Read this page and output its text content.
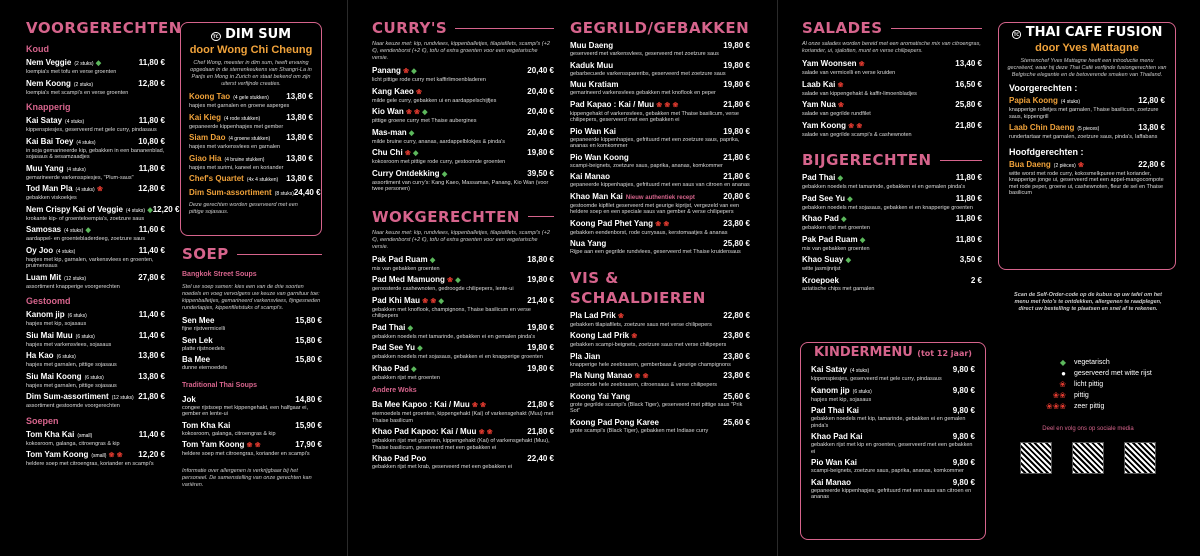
VOORGERECHTEN
Koud
Nem Veggie (2 stuks) ◆	11,80 €
loempia's met tofu en verse groenten
Nem Koong (2 stuks)	12,80 €
loempia's met scampi's en verse groenten
Knapperig
Kai Satay (4 stuks)	11,80 €
kippenspiesjes, geserveerd met gele curry, pindasaus
Kai Bai Toey (4 stuks)	10,80 €
in soja gemarineerde kip, gebakken in een bananenblad, sojasaus & sesamzaadjes
Muu Yang (4 stuks)	11,80 €
gemarineerde varkensspiesjes, "Plum-saus"
Tod Man Pla (4 stuks) ❀	12,80 €
gebakken viskoekjes
Nem Crispy Kai of Veggie (4 stuks) ◆ 12,20 €
krokante kip- of groenteloempia's, zoetzure saus
Samosas (4 stuks) ◆	11,60 €
aardappel- en groentebladerdeeg, zoetzure saus
Oy Joo (4 stuks)	11,40 €
hapjes met kip, garnalen, varkensvlees en groenten, pruimensaus
Luam Mit (12 stuks)	27,80 €
assortiment knapperige voorgerechten
Gestoomd
Kanom jip (6 stuks)	11,40 €
hapjes met kip, sojasaus
Siu Mai Muu (6 stuks)	11,40 €
hapjes met varkensvlees, sojasaus
Ha Kao (6 stuks)	13,80 €
hapjes met garnalen, pittige sojasaus
Siu Mai Koong (6 stuks)	13,80 €
hapjes met garnalen, pittige sojasaus
Dim Sum-assortiment (12 stuks) 21,80 €
assortiment gestoomde voorgerechten
Soepen
Tom Kha Kai (small)	11,40 €
kokosroom, galanga, citroengras & kip
Tom Yam Koong (small) ❀ ❀ 12,20 €
heldere soep met citroengras, koriander en scampi's
TC DIM SUM
door Wong Chi Cheung
Chef Wong, meester in dim sum, heeft ervaring opgedaan in de sterrenkeukens van Shangri-La in Parijs en Mong in Zurich en staat bekend om zijn uiterst verfijnde creaties.
Koong Tao (4 gele stukken) 13,80 €
hapjes met garnalen en groene asperges
Kai Kieg (4 rode stukken)	13,80 €
gepaneerde kippenhapjes met gember
Siam Dao (4 groene stukken) 13,80 €
hapjes met varkensvlees en garnalen
Giao Hia (4 bruine stukken)	13,80 €
hapjes met surimi, kaneel en koriander
Chef's Quartet (4x 4 stukken) 13,80 €
Dim Sum-assortiment (8 stuks) 24,40 €
Deze gerechten worden geserveerd met een pittige sojasaus.
SOEP
Bangkok Street Soups
Stel uw soep samen: kies een van de drie soorten noedels en voeg vervolgens uw keuze van garnituur toe: kippenballetjes, gemarineerd varkensvlees, fijngesneden runderlapjes, kippenfiletstuks of scampi's.
Sen Mee	15,80 €
fijne rijstvermicelli
Sen Lek	15,80 €
platte rijstnoedels
Ba Mee	15,80 €
dunne eiernoedels
Traditional Thai Soups
Jok	14,80 €
congee rijstsoep met kippengehakt, een halfgaar ei, gember en lente-ui
Tom Kha Kai	15,90 €
kokosroom, galanga, citroengras & kip
Tom Yam Koong ❀ ❀	17,90 €
heldere soep met citroengras, koriander en scampi's
Informatie over allergenen is verkrijgbaar bij het personeel. De samenstelling van onze gerechten kan variëren.
CURRY'S
Naar keuze met: kip, rundvlees, kippenballetjes, tilapiafilets, scampi's (+2 €), eendenborst (+2 €), tofu of extra groenten voor een vegetarische versie.
Panang ❀ ◆	20,40 €
licht pittige rode curry met kaffirlimoenbladeren
Kang Kaeo ❀	20,40 €
milde gele curry, gebakken ui en aardappelschijfjes
Kio Wan ❀ ❀ ◆	20,40 €
pittige groene curry met Thaise aubergines
Mas-man ◆	20,40 €
milde bruine curry, ananas, aardappelblokjes & pinda's
Chu Chi ❀ ◆	19,80 €
kokosroom met pittige rode curry, gestoomde groenten
Curry Ontdekking ◆	39,50 €
assortiment van curry's: Kang Kaeo, Massaman, Panang, Kio Wan (voor twee personen)
WOKGERECHTEN
Naar keuze met: kip, rundvlees, kippenballetjes, tilapiafilets, scampi's (+2 €), eendenborst (+2 €), tofu of extra groenten voor een vegetarische versie.
Pak Pad Ruam ◆	18,80 €
mix van gebakken groenten
Pad Med Mamuong ❀ ◆	19,80 €
geroosterde cashewnoten, gedroogde chilipepers, lente-ui
Pad Khi Mau ❀ ❀ ◆	21,40 €
gebakken met knoflook, champignons, Thaise basilicum en verse chilipepers
Pad Thai ◆	19,80 €
gebakken noedels met tamarinde, gebakken ei en gemalen pinda's
Pad See Yu ◆	19,80 €
gebakken noedels met sojasaus, gebakken ei en knapperige groenten
Khao Pad ◆	19,80 €
gebakken rijst met groenten
Andere Woks
Ba Mee Kapoo : Kai / Muu ❀ ❀	21,80 €
eiernoedels met groenten, kippengehakt (Kai) of varkensgehakt (Muu) met Thaise basilicum
Khao Pad Kapoo: Kai / Muu ❀ ❀	21,80 €
gebakken rijst met groenten, kippengehakt (Kai) of varkensgehakt (Muu), Thaise basilicum, geserveerd met een gebakken ei
Khao Pad Poo	22,40 €
gebakken rijst met krab, geserveerd met een gebakken ei
GEGRILD/GEBAKKEN
Muu Daeng	19,80 €
geserveerd met varkensvlees, geserveerd met zoetzure saus
Kaduk Muu	19,80 €
gebarbecuede varkensspareribs, geserveerd met zoetzure saus
Muu Kratiam	19,80 €
gemarineerd varkensvlees gebakken met knoflook en peper
Pad Kapao : Kai / Muu ❀ ❀ ❀	21,80 €
kippengehakt of varkensvlees, gebakken met Thaise basilicum, verse chilipepers, geserveerd met een gebakken ei
Pio Wan Kai	19,80 €
gepaneerde kippenhapjes, gefrituurd met een zoetzure saus, paprika, ananas en komkommer
Pio Wan Koong	21,80 €
scampi-beignets, zoetzure saus, paprika, ananas, komkommer
Kai Manao	21,80 €
gepaneerde kippenhapjes, gefrituurd met een saus van citroen en ananas
Khao Man Kai Nieuw authentiek recept	20,80 €
gestoomde kipfilet geserveerd met geurige kiprijst, vergezeld van een heldere soep en een speciale saus van gember & verse chilipepers
Koong Pad Phet Yang ❀ ❀	23,80 €
gebakken eendenborst, rode currysaus, kerstomaatjes & ananas
Nua Yang	25,80 €
Rijpe aan een gegrilde rundvlees, geserveerd met Thaise kruidensaus
VIS & SCHAALDIEREN
Pla Lad Prik ❀	22,80 €
gebakken tilapiafilets, zoetzure saus met verse chilipepers
Koong Lad Prik ❀	23,80 €
gebakken scampi-beignets, zoetzure saus met verse chilipepers
Pla Jian	23,80 €
knapperige hele zeebrasem, gemberbaas & geurige champignons
Pla Nung Manao ❀ ❀	23,80 €
gestoomde hele zeebrasem, citroensaus & verse chilipepers
Koong Yai Yang	25,60 €
grote gegrilde scampi's (Black Tiger), geserveerd met pittige saus "Prik Sot"
Koong Pad Pong Karee	25,60 €
grote scampi's (Black Tiger), gebakken met Indiase curry
SALADES
Al onze salades worden bereid met een aromatische mix van citroengras, koriander, ui, sjalotten, munt en verse chilipepers.
Yam Woonsen ❀	13,40 €
salade van vermicelli en verse kruiden
Laab Kai ❀	16,50 €
salade van kippengehakt & kaffir-limoenbladjes
Yam Nua ❀	25,80 €
salade van gegrilde rundfilet
Yam Koong ❀ ❀	21,80 €
salade van gegrilde scampi's & cashewnoten
BIJGERECHTEN
Pad Thai ◆	11,80 €
gebakken noedels met tamarinde, gebakken ei en gemalen pinda's
Pad See Yu ◆	11,80 €
gebakken noedels met sojasaus, gebakken ei en knapperige groenten
Khao Pad ◆	11,80 €
gebakken rijst met groenten
Pak Pad Ruam ◆	11,80 €
mix van gebakken groenten
Khao Suay ◆	3,50 €
witte jasmijnrijst
Kroepoek	2 €
aziatische chips met garnalen
KINDERMENU (tot 12 jaar)
Kai Satay (4 stuks)	9,80 €
kippenspiesjes, geserveerd met gele curry, pindasaus
Kanom jip (6 stuks)	9,80 €
hapjes met kip, sojasaus
Pad Thai Kai	9,80 €
gebakken noedels met kip, tamarinde, gebakken ei en gemalen pinda's
Khao Pad Kai	9,80 €
gebakken rijst met kip en groenten, geserveerd met een gebakken ei
Pio Wan Kai	9,80 €
scampi-beignets, zoetzure saus, paprika, ananas, komkommer
Kai Manao	9,80 €
gepaneerde kippenhapjes, gefrituurd met een saus van citroen en ananas
TC THAI CAFE FUSION
door Yves Mattagne
Sterrenchef Yves Mattagne heeft een introductie menu gecreëerd, waar hij deze Thai Café verfijnde fusiongerechten van Belgische elegantie en de betoverende smaken van Thailand.
Voorgerechten :
Papia Koong (4 stuks)	12,80 €
knapperige rolletjes met garnalen, Thaise basilicum, zoetzure saus, kippengrill
Laab Chin Daeng (5 pieces)	13,80 €
rundertartaar met garnalen, zoetzure saus, pinda's, laffabans
Hoofdgerechten :
Bua Daeng (2 pièces) ❀	22,80 €
witte worst met rode curry, kokosmelkpuree met koriander, knapperige jonge ui, geserveerd met een appel-mangocompote met rode peper, groene ui, cashewnoten, fleur de sel en Thaise basilicum
Scan de Self-Order-code op de kubus op uw tafel om het menu met foto's te ontdekken, allergenen te raadplegen, direct uw bestelling te plaatsen en snel af te rekenen.
◆ vegetarisch
● geserveerd met witte rijst
❀ licht pittig
❀❀ pittig
❀❀❀ zeer pittig
Deel en volg ons op sociale media
